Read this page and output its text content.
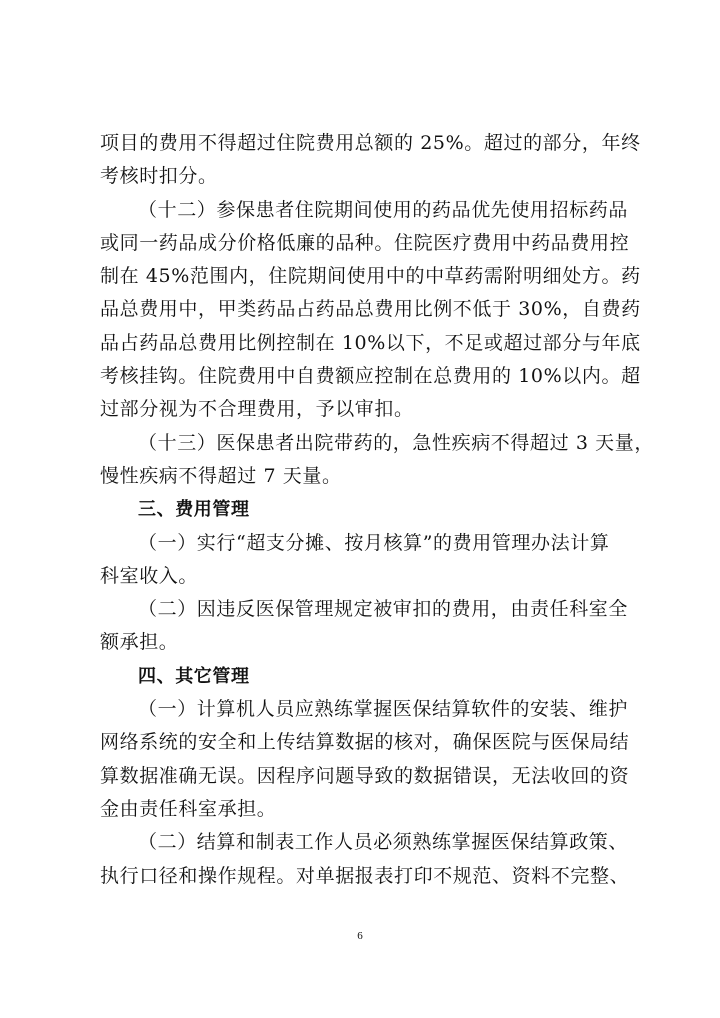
项目的费用不得超过住院费用总额的 25%。超过的部分，年终
考核时扣分。
（十二）参保患者住院期间使用的药品优先使用招标药品
或同一药品成分价格低廉的品种。住院医疗费用中药品费用控
制在 45%范围内，住院期间使用中的中草药需附明细处方。药
品总费用中，甲类药品占药品总费用比例不低于 30%，自费药
品占药品总费用比例控制在 10%以下，不足或超过部分与年底
考核挂钩。住院费用中自费额应控制在总费用的 10%以内。超
过部分视为不合理费用，予以审扣。
（十三）医保患者出院带药的，急性疾病不得超过 3 天量，
慢性疾病不得超过 7 天量。
三、费用管理
（一）实行“超支分摊、按月核算”的费用管理办法计算
科室收入。
（二）因违反医保管理规定被审扣的费用，由责任科室全
额承担。
四、其它管理
（一）计算机人员应熟练掌握医保结算软件的安装、维护
网络系统的安全和上传结算数据的核对，确保医院与医保局结
算数据准确无误。因程序问题导致的数据错误，无法收回的资
金由责任科室承担。
（二）结算和制表工作人员必须熟练掌握医保结算政策、
执行口径和操作规程。对单据报表打印不规范、资料不完整、
6
